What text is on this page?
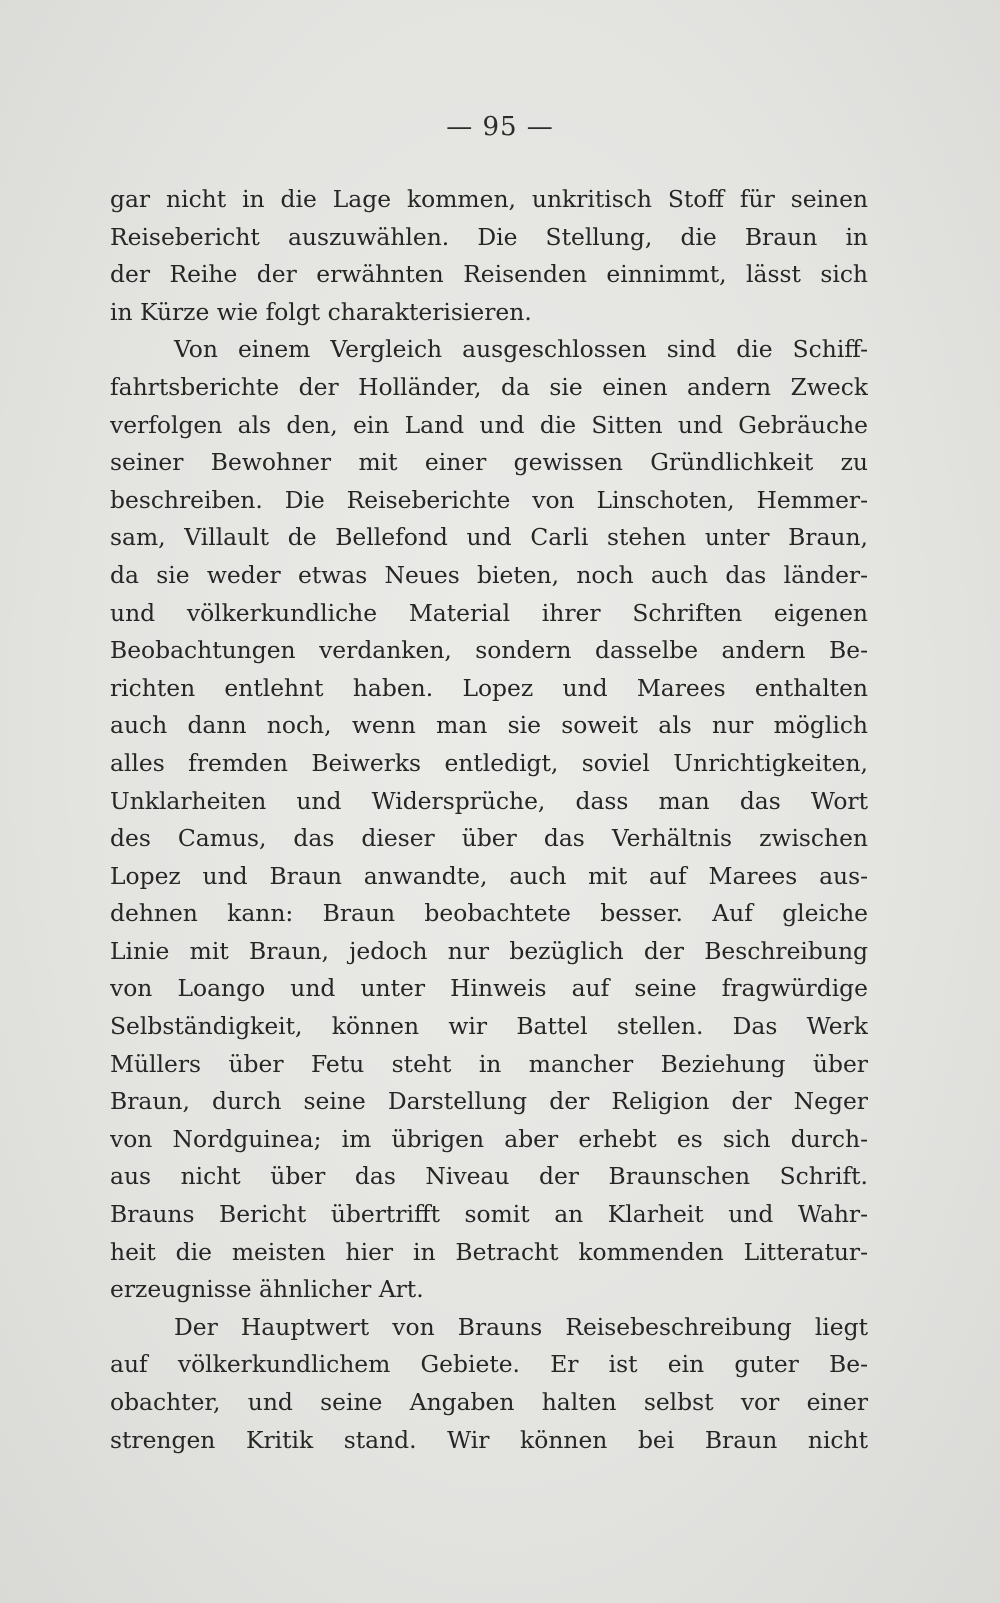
— 95 —
gar nicht in die Lage kommen, unkritisch Stoff für seinen
Reisebericht auszuwählen. Die Stellung, die Braun in
der Reihe der erwähnten Reisenden einnimmt, lässt sich
in Kürze wie folgt charakterisieren.
Von einem Vergleich ausgeschlossen sind die Schiff-
fahrtsberichte der Holländer, da sie einen andern Zweck
verfolgen als den, ein Land und die Sitten und Gebräuche
seiner Bewohner mit einer gewissen Gründlichkeit zu
beschreiben. Die Reiseberichte von Linschoten, Hemmer-
sam, Villault de Bellefond und Carli stehen unter Braun,
da sie weder etwas Neues bieten, noch auch das länder-
und völkerkundliche Material ihrer Schriften eigenen
Beobachtungen verdanken, sondern dasselbe andern Be-
richten entlehnt haben. Lopez und Marees enthalten
auch dann noch, wenn man sie soweit als nur möglich
alles fremden Beiwerks entledigt, soviel Unrichtigkeiten,
Unklarheiten und Widersprüche, dass man das Wort
des Camus, das dieser über das Verhältnis zwischen
Lopez und Braun anwandte, auch mit auf Marees aus-
dehnen kann: Braun beobachtete besser. Auf gleiche
Linie mit Braun, jedoch nur bezüglich der Beschreibung
von Loango und unter Hinweis auf seine fragwürdige
Selbständigkeit, können wir Battel stellen. Das Werk
Müllers über Fetu steht in mancher Beziehung über
Braun, durch seine Darstellung der Religion der Neger
von Nordguinea; im übrigen aber erhebt es sich durch-
aus nicht über das Niveau der Braunschen Schrift.
Brauns Bericht übertrifft somit an Klarheit und Wahr-
heit die meisten hier in Betracht kommenden Litteratur-
erzeugnisse ähnlicher Art.
Der Hauptwert von Brauns Reisebeschreibung liegt
auf völkerkundlichem Gebiete. Er ist ein guter Be-
obachter, und seine Angaben halten selbst vor einer
strengen Kritik stand. Wir können bei Braun nicht
